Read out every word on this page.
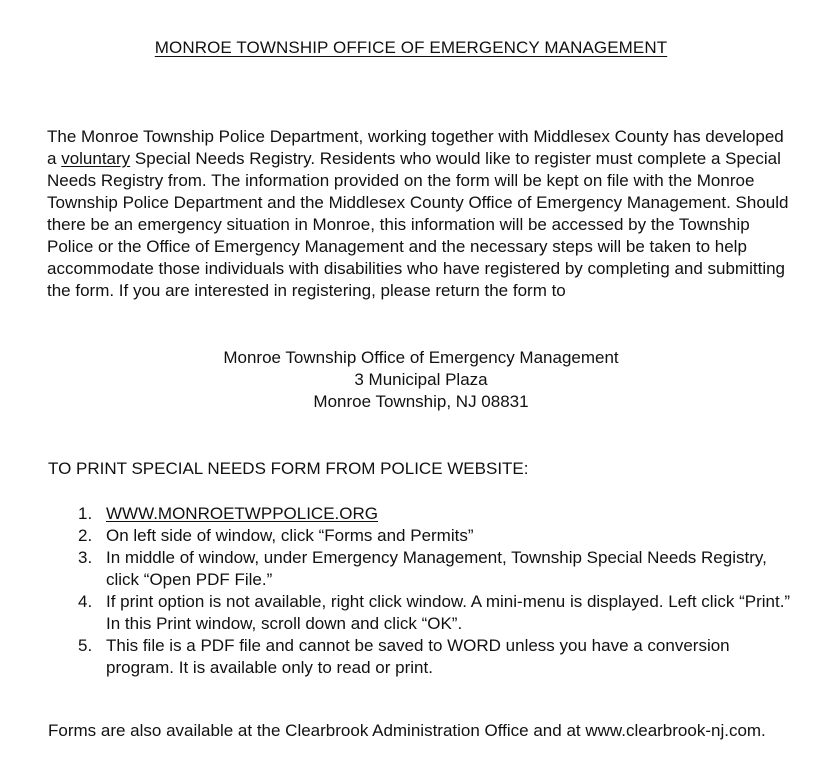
MONROE TOWNSHIP OFFICE OF EMERGENCY MANAGEMENT

The Monroe Township Police Department, working together with Middlesex County has developed a voluntary Special Needs Registry. Residents who would like to register must complete a Special Needs Registry from. The information provided on the form will be kept on file with the Monroe Township Police Department and the Middlesex County Office of Emergency Management. Should there be an emergency situation in Monroe, this information will be accessed by the Township Police or the Office of Emergency Management and the necessary steps will be taken to help accommodate those individuals with disabilities who have registered by completing and submitting the form. If you are interested in registering, please return the form to

Monroe Township Office of Emergency Management
3 Municipal Plaza
Monroe Township, NJ 08831
TO PRINT SPECIAL NEEDS FORM FROM POLICE WEBSITE:
1. WWW.MONROETWPPOLICE.ORG
2. On left side of window, click “Forms and Permits”
3. In middle of window, under Emergency Management, Township Special Needs Registry, click “Open PDF File.”
4. If print option is not available, right click window. A mini-menu is displayed. Left click “Print.” In this Print window, scroll down and click “OK”.
5. This file is a PDF file and cannot be saved to WORD unless you have a conversion program. It is available only to read or print.

Forms are also available at the Clearbrook Administration Office and at www.clearbrook-nj.com.
